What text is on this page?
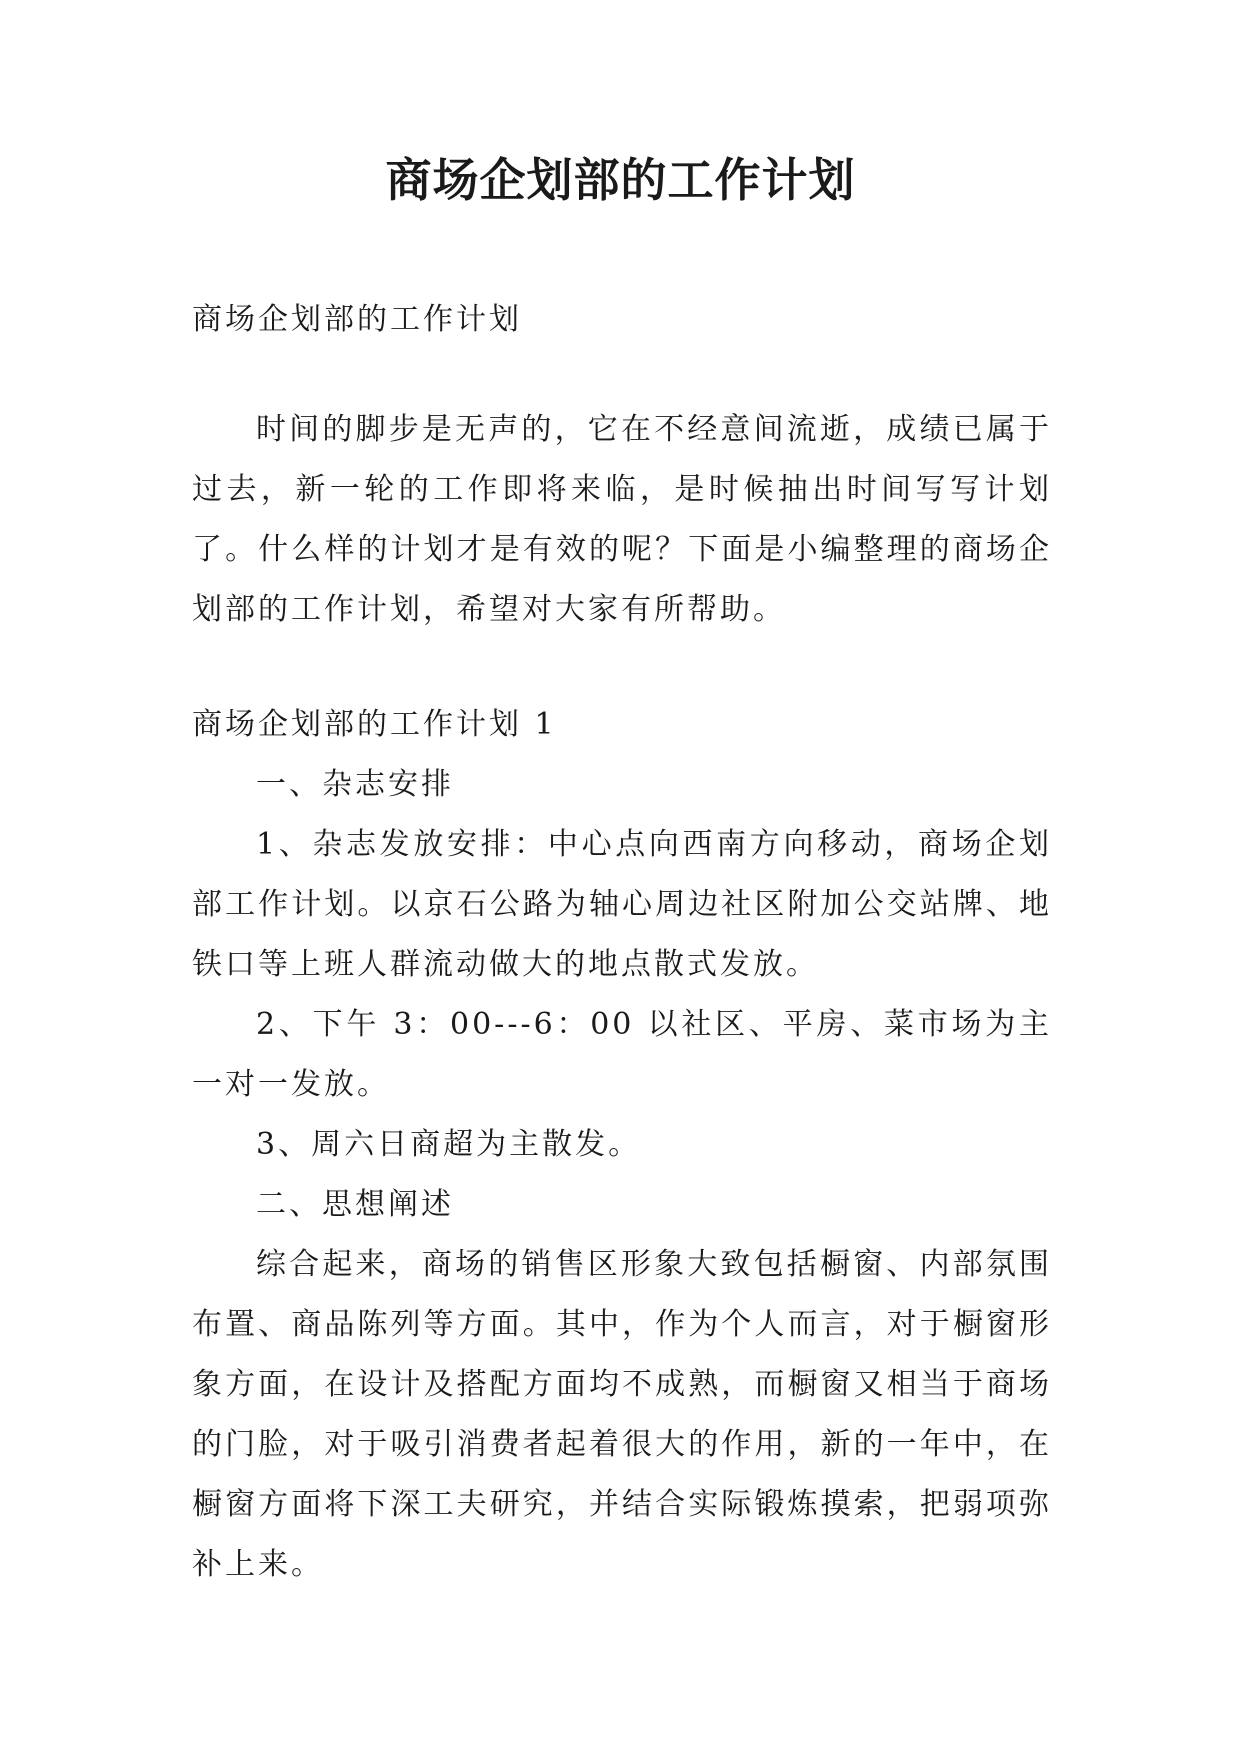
商场企划部的工作计划
商场企划部的工作计划

时间的脚步是无声的，它在不经意间流逝，成绩已属于过去，新一轮的工作即将来临，是时候抽出时间写写计划了。什么样的计划才是有效的呢？下面是小编整理的商场企划部的工作计划，希望对大家有所帮助。

商场企划部的工作计划 1

一、杂志安排

1、杂志发放安排：中心点向西南方向移动，商场企划部工作计划。以京石公路为轴心周边社区附加公交站牌、地铁口等上班人群流动做大的地点散式发放。

2、下午 3：00---6：00 以社区、平房、菜市场为主一对一发放。

3、周六日商超为主散发。

二、思想阐述

综合起来，商场的销售区形象大致包括橱窗、内部氛围布置、商品陈列等方面。其中，作为个人而言，对于橱窗形象方面，在设计及搭配方面均不成熟，而橱窗又相当于商场的门脸，对于吸引消费者起着很大的作用，新的一年中，在橱窗方面将下深工夫研究，并结合实际锻炼摸索，把弱项弥补上来。
